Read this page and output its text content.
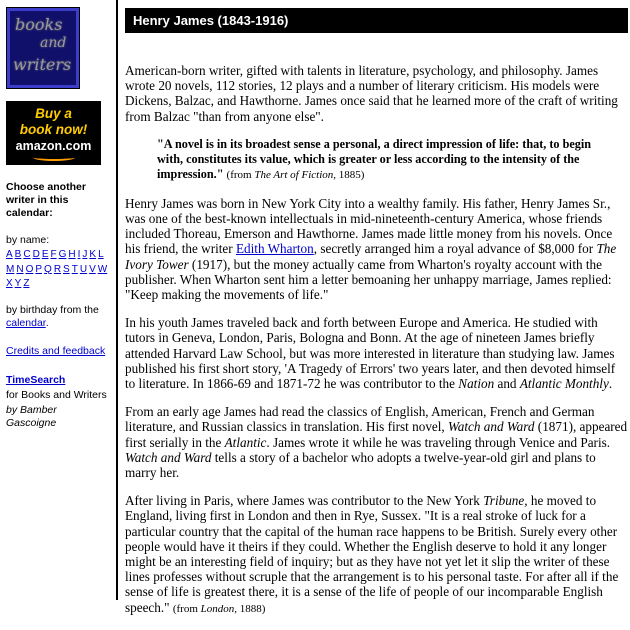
books
and
writers
Buy a
book now!
amazon.com
Choose another writer in this calendar:
by name:
A B C D E F G H I J K L
M N O P Q R S T U V W
X Y Z
by birthday from the calendar.
Credits and feedback
TimeSearch
for Books and Writers
by Bamber Gascoigne
Henry James (1843-1916)

American-born writer, gifted with talents in literature, psychology, and philosophy. James wrote 20 novels, 112 stories, 12 plays and a number of literary criticism. His models were Dickens, Balzac, and Hawthorne. James once said that he learned more of the craft of writing from Balzac "than from anyone else".

"A novel is in its broadest sense a personal, a direct impression of life: that, to begin with, constitutes its value, which is greater or less according to the intensity of the impression." (from The Art of Fiction, 1885)

Henry James was born in New York City into a wealthy family. His father, Henry James Sr., was one of the best-known intellectuals in mid-nineteenth-century America, whose friends included Thoreau, Emerson and Hawthorne. James made little money from his novels. Once his friend, the writer Edith Wharton, secretly arranged him a royal advance of $8,000 for The Ivory Tower (1917), but the money actually came from Wharton's royalty account with the publisher. When Wharton sent him a letter bemoaning her unhappy marriage, James replied: "Keep making the movements of life."

In his youth James traveled back and forth between Europe and America. He studied with tutors in Geneva, London, Paris, Bologna and Bonn. At the age of nineteen James briefly attended Harvard Law School, but was more interested in literature than studying law. James published his first short story, 'A Tragedy of Errors' two years later, and then devoted himself to literature. In 1866-69 and 1871-72 he was contributor to the Nation and Atlantic Monthly.

From an early age James had read the classics of English, American, French and German literature, and Russian classics in translation. His first novel, Watch and Ward (1871), appeared first serially in the Atlantic. James wrote it while he was traveling through Venice and Paris. Watch and Ward tells a story of a bachelor who adopts a twelve-year-old girl and plans to marry her.

After living in Paris, where James was contributor to the New York Tribune, he moved to England, living first in London and then in Rye, Sussex. "It is a real stroke of luck for a particular country that the capital of the human race happens to be British. Surely every other people would have it theirs if they could. Whether the English deserve to hold it any longer might be an interesting field of inquiry; but as they have not yet let it slip the writer of these lines professes without scruple that the arrangement is to his personal taste. For after all if the sense of life is greatest there, it is a sense of the life of people of our incomparable English speech." (from London, 1888)
